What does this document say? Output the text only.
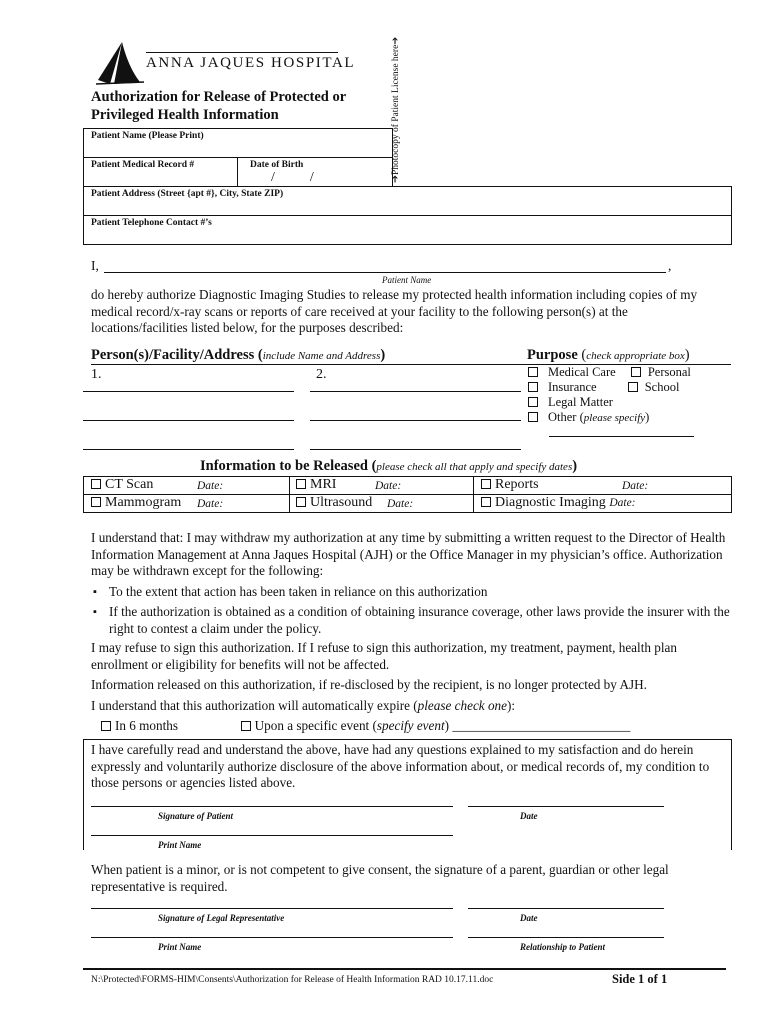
ANNA JAQUES HOSPITAL
Authorization for Release of Protected or
Privileged Health Information	➔Photocopy of Patient License here➔
Patient Name (Please Print)
Patient Medical Record #	Date of Birth
/          /
Patient Address (Street {apt #}, City, State ZIP)
Patient Telephone Contact #’s
I,	,
Patient Name
do hereby authorize Diagnostic Imaging Studies to release my protected health information including copies of my medical record/x-ray scans or reports of care received at your facility to the following person(s) at the locations/facilities listed below, for the purposes described:
Person(s)/Facility/Address (include Name and Address)
1.	2.
Purpose (check appropriate box)
Medical Care	Personal
Insurance	School
Legal Matter
Other (please specify)
Information to be Released (please check all that apply and specify dates)
CT Scan	Date:	MRI	Date:	Reports	Date:
Mammogram Date:	Ultrasound Date:	Diagnostic Imaging Date:

I understand that: I may withdraw my authorization at any time by submitting a written request to the Director of Health Information Management at Anna Jaques Hospital (AJH) or the Office Manager in my physician’s office. Authorization may be withdrawn except for the following:

▪ To the extent that action has been taken in reliance on this authorization
▪ If the authorization is obtained as a condition of obtaining insurance coverage, other laws provide the insurer with the right to contest a claim under the policy.

I may refuse to sign this authorization. If I refuse to sign this authorization, my treatment, payment, health plan enrollment or eligibility for benefits will not be affected.

Information released on this authorization, if re-disclosed by the recipient, is no longer protected by AJH.

I understand that this authorization will automatically expire (please check one):

In 6 months	Upon a specific event (specify event) ___________________________

I have carefully read and understand the above, have had any questions explained to my satisfaction and do herein expressly and voluntarily authorize disclosure of the above information about, or medical records of, my condition to those persons or agencies listed above.
Signature of Patient	Date
Print Name
When patient is a minor, or is not competent to give consent, the signature of a parent, guardian or other legal representative is required.
Signature of Legal Representative	Date
Print Name	Relationship to Patient
N:\Protected\FORMS-HIM\Consents\Authorization for Release of Health Information RAD 10.17.11.doc	Side 1 of 1
